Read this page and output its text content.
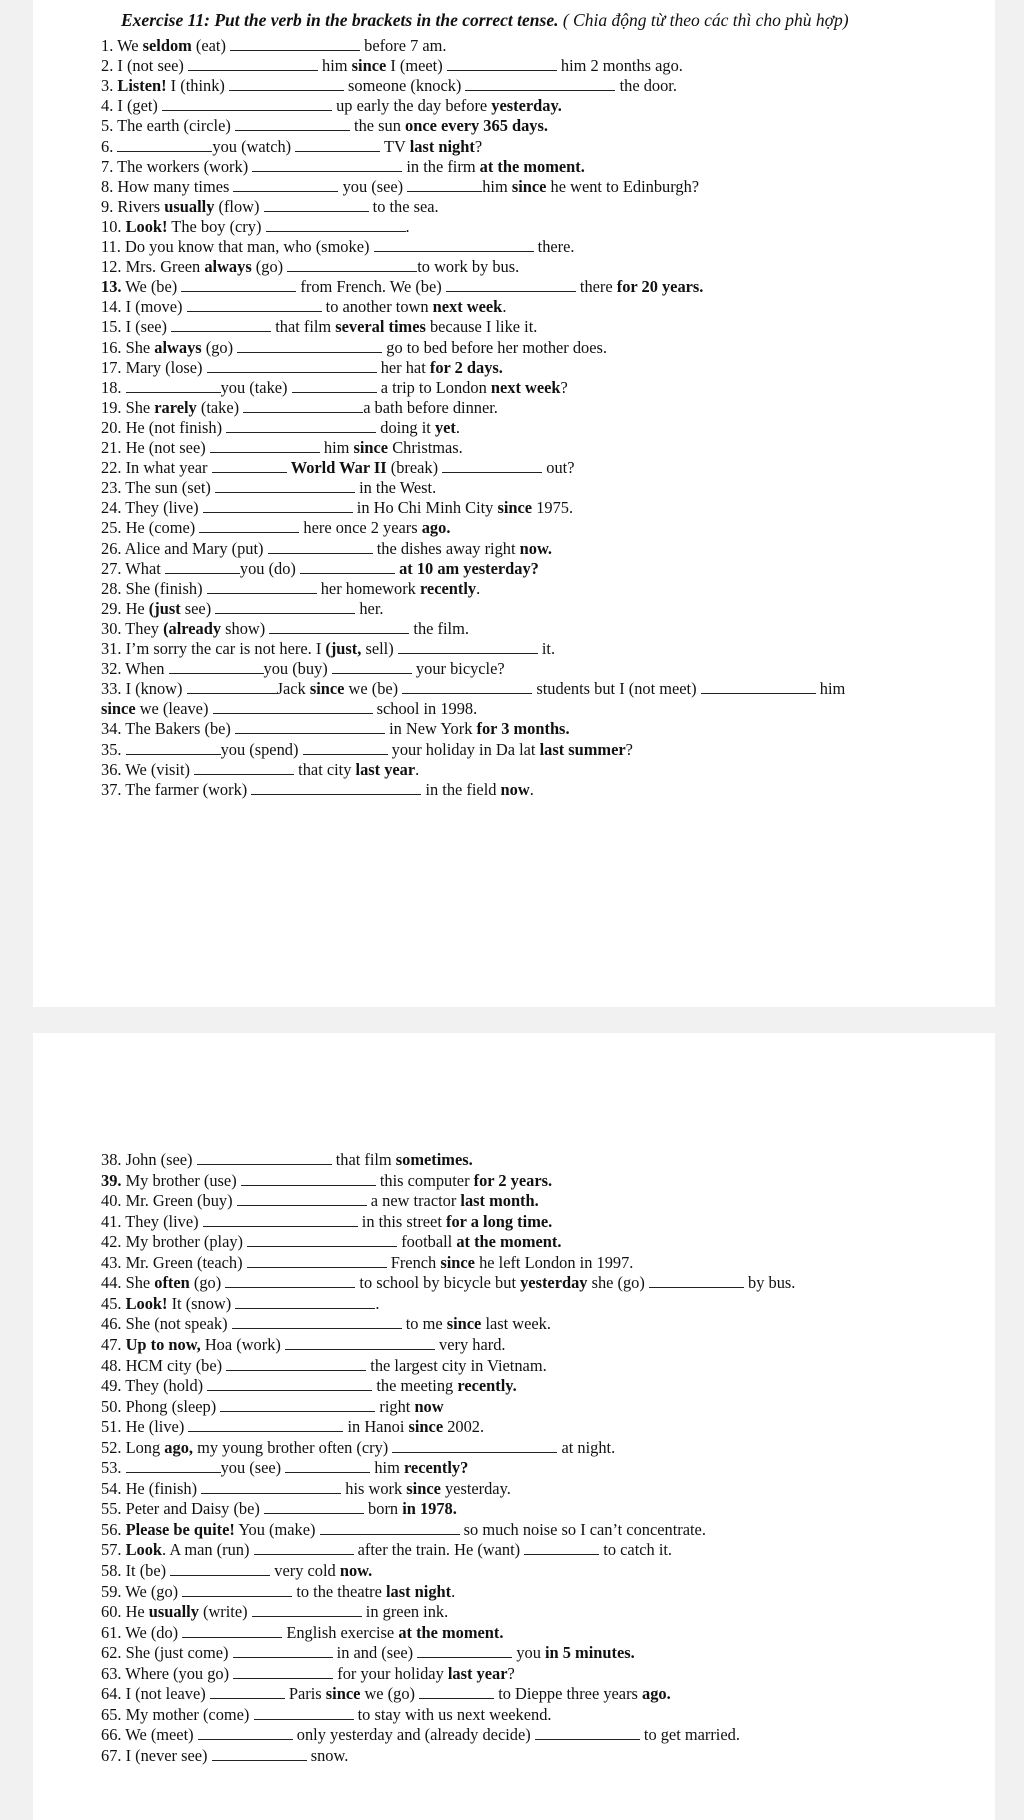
Exercise 11: Put the verb in the brackets in the correct tense. ( Chia động từ theo các thì cho phù hợp)
1. We seldom (eat)	before 7 am.
2. I (not see)	him since I (meet)	him 2 months ago.
3. Listen! I (think)	someone (knock)	the door.
4. I (get)	up early the day before yesterday.
5. The earth (circle)	the sun once every 365 days.
6.	you (watch)	TV last night?
7. The workers (work)	in the firm at the moment.
8. How many times	you (see)	him since he went to Edinburgh?
9. Rivers usually (flow)	to the sea.
10. Look! The boy (cry)	.
11. Do you know that man, who (smoke)	there.
12. Mrs. Green always (go)	to work by bus.
13. We (be)	from French. We (be)	there for 20 years.
14. I (move)	to another town next week.
15. I (see)	that film several times because I like it.
16. She always (go)	go to bed before her mother does.
17. Mary (lose)	her hat for 2 days.
18.	you (take)	a trip to London next week?
19. She rarely (take)	a bath before dinner.
20. He (not finish)	doing it yet.
21. He (not see)	him since Christmas.
22. In what year	World War II (break)	out?
23. The sun (set)	in the West.
24. They (live)	in Ho Chi Minh City since 1975.
25. He (come)	here once 2 years ago.
26. Alice and Mary (put)	the dishes away right now.
27. What	you (do)	at 10 am yesterday?
28. She (finish)	her homework recently.
29. He (just see)	her.
30. They (already show)	the film.
31. I’m sorry the car is not here. I (just, sell)	it.
32. When	you (buy)	your bicycle?
33. I (know)	Jack since we (be)	students but I (not meet)	him
since we (leave)	school in 1998.
34. The Bakers (be)	in New York for 3 months.
35.	you (spend)	your holiday in Da lat last summer?
36. We (visit)	that city last year.
37. The farmer (work)	in the field now.
38. John (see)	that film sometimes.
39. My brother (use)	this computer for 2 years.
40. Mr. Green (buy)	a new tractor last month.
41. They (live)	in this street for a long time.
42. My brother (play)	football at the moment.
43. Mr. Green (teach)	French since he left London in 1997.
44. She often (go)	to school by bicycle but yesterday she (go)	by bus.
45. Look! It (snow)	.
46. She (not speak)	to me since last week.
47. Up to now, Hoa (work)	very hard.
48. HCM city (be)	the largest city in Vietnam.
49. They (hold)	the meeting recently.
50. Phong (sleep)	right now
51. He (live)	in Hanoi since 2002.
52. Long ago, my young brother often (cry)	at night.
53.	you (see)	him recently?
54. He (finish)	his work since yesterday.
55. Peter and Daisy (be)	born in 1978.
56. Please be quite! You (make)	so much noise so I can’t concentrate.
57. Look. A man (run)	after the train. He (want)	to catch it.
58. It (be)	very cold now.
59. We (go)	to the theatre last night.
60. He usually (write)	in green ink.
61. We (do)	English exercise at the moment.
62. She (just come)	in and (see)	you in 5 minutes.
63. Where (you go)	for your holiday last year?
64. I (not leave)	Paris since we (go)	to Dieppe three years ago.
65. My mother (come)	to stay with us next weekend.
66. We (meet)	only yesterday and (already decide)	to get married.
67. I (never see)	snow.
